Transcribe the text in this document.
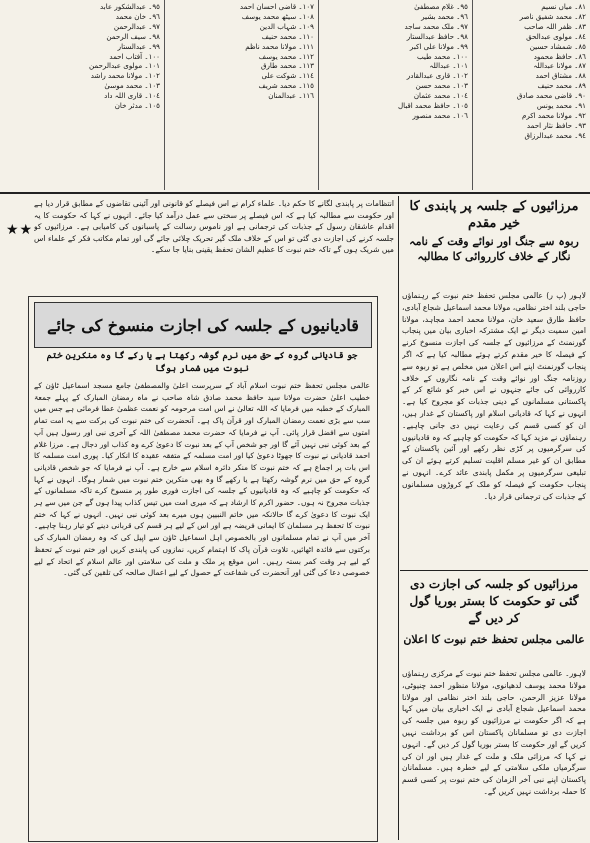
٨١۔ میاں نسیم
٨٢۔ محمد شفیق ناصر
٨٣۔ ظفر اللہ صاحب
٨٤۔ مولوی عبدالحق
٨٥۔ شمشاد حسین
٨٦۔ حافظ محمود
٨٧۔ مولانا عبداللہ
٨٨۔ مشتاق احمد
٨٩۔ محمد حنیف
٩٠۔ قاضی محمد صادق
٩١۔ محمد یونس
٩٢۔ مولانا محمد اکرم
٩٣۔ حافظ نثار احمد
٩٤۔ محمد عبدالرزاق
٩٥۔ غلام مصطفیٰ
٩٦۔ محمد بشیر
٩٧۔ ملک محمد ساجد
٩٨۔ حافظ عبدالستار
٩٩۔ مولانا علی اکبر
١٠٠۔ محمد طیب
١٠١۔ عبداللہ
١٠٢۔ قاری عبدالقادر
١٠٣۔ محمد حسن
١٠٤۔ محمد عثمان
١٠٥۔ حافظ محمد اقبال
١٠٦۔ محمد منصور
١٠٧۔ قاضی احسان احمد
١٠٨۔ سیٹھ محمد یوسف
١٠٩۔ شہاب الدین
١١٠۔ محمد حنیف
١١١۔ مولانا محمد ناظم
١١٢۔ محمد یوسف
١١٣۔ محمد طارق
١١٤۔ شوکت علی
١١٥۔ محمد شریف
١١٦۔ عبدالمنان
٩٥۔ عبدالشکور عابد
٩٦۔ خان محمد
٩٧۔ عبدالرحمن
٩٨۔ سیف الرحمن
٩٩۔ عبدالستار
١٠٠۔ آفتاب احمد
١٠١۔ مولوی عبدالرحمن
١٠٢۔ مولانا محمد راشد
١٠٣۔ محمد موسیٰ
١٠٤۔ قاری اللہ داد
١٠٥۔ مدثر خان
مرزائیوں کے جلسہ پر پابندی کا خیر مقدم
ربوہ سے جنگ اور نوائے وقت کے نامہ نگار کے خلاف کارروائی کا مطالبہ
لاہور (پ ر) عالمی مجلس تحفظ ختم نبوت کے رہنماؤں حاجی بلند اختر نظامی، مولانا محمد اسماعیل شجاع آبادی، حافظ طارق سعید خان، مولانا محمد احمد مجاہد، مولانا امین سمیت دیگر نے ایک مشترکہ اخباری بیان میں پنجاب گورنمنٹ کے مرزائیوں کے جلسہ کی اجازت منسوخ کرنے کے فیصلہ کا خیر مقدم کرتے ہوئے مطالبہ کیا ہے کہ اگر پنجاب گورنمنٹ اپنے اس اعلان میں مخلص ہے تو ربوہ سے روزنامہ جنگ اور نوائے وقت کے نامہ نگاروں کے خلاف کارروائی کی جائے جنہوں نے اس خبر کو شائع کر کے پاکستانی مسلمانوں کے دینی جذبات کو مجروح کیا ہے۔ انہوں نے کہا کہ قادیانی اسلام اور پاکستان کے غدار ہیں، ان کو کسی قسم کی رعایت نہیں دی جانی چاہیے۔ رہنماؤں نے مزید کہا کہ حکومت کو چاہیے کہ وہ قادیانیوں کی سرگرمیوں پر کڑی نظر رکھے اور آئین پاکستان کے مطابق ان کو غیر مسلم اقلیت تسلیم کرتے ہوئے ان کی تبلیغی سرگرمیوں پر مکمل پابندی عائد کرے۔ انہوں نے پنجاب حکومت کے فیصلہ کو ملک کے کروڑوں مسلمانوں کے جذبات کی ترجمانی قرار دیا۔
مرزائیوں کو جلسہ کی اجازت دی گئی تو حکومت کا بستر بوریا گول کر دیں گے
عالمی مجلس تحفظ ختم نبوت کا اعلان
لاہور۔ عالمی مجلس تحفظ ختم نبوت کے مرکزی رہنماؤں مولانا محمد یوسف لدھیانوی، مولانا منظور احمد چنیوٹی، مولانا عزیز الرحمن، حاجی بلند اختر نظامی اور مولانا محمد اسماعیل شجاع آبادی نے ایک اخباری بیان میں کہا ہے کہ اگر حکومت نے مرزائیوں کو ربوہ میں جلسہ کی اجازت دی تو مسلمانان پاکستان اس کو برداشت نہیں کریں گے اور حکومت کا بستر بوریا گول کر دیں گے۔ انہوں نے کہا کہ مرزائی ملک و ملت کے غدار ہیں اور ان کی سرگرمیاں ملکی سلامتی کے لیے خطرہ ہیں۔ مسلمانان پاکستان اپنے نبی آخر الزمان کی ختم نبوت پر کسی قسم کا حملہ برداشت نہیں کریں گے۔
انتظامات پر پابندی لگانے کا حکم دیا۔ علماء کرام نے اس فیصلے کو قانونی اور آئینی تقاضوں کے مطابق قرار دیا ہے اور حکومت سے مطالبہ کیا ہے کہ اس فیصلے پر سختی سے عمل درآمد کیا جائے۔ انہوں نے کہا کہ حکومت کا یہ اقدام عاشقان رسول کے جذبات کی ترجمانی ہے اور ناموس رسالت کے پاسبانوں کی کامیابی ہے۔ مرزائیوں کو جلسہ کرنے کی اجازت دی گئی تو اس کے خلاف ملک گیر تحریک چلائی جائے گی اور تمام مکاتب فکر کے علماء اس میں شریک ہوں گے تاکہ ختم نبوت کا عظیم الشان تحفظ یقینی بنایا جا سکے۔
★★
قادیانیوں کے جلسہ کی اجازت منسوخ کی جائے
جو قادیانی گروہ کے حق میں نرم گوشہ رکھتا ہے یا رکے گا وہ منکرین ختم نبوت میں شمار ہوگا
عالمی مجلس تحفظ ختم نبوت اسلام آباد کے سرپرست اعلیٰ والمصطفیٰ جامع مسجد اسماعیل ٹاؤن کے خطیب اعلیٰ حضرت مولانا سید حافظ محمد صادق شاہ صاحب نے ماہ رمضان المبارک کے پہلے جمعۃ المبارک کے خطبہ میں فرمایا کہ اللہ تعالیٰ نے اس امت مرحومہ کو نعمت عظمیٰ عطا فرمائی ہے جس میں سب سے بڑی نعمت رمضان المبارک اور قرآن پاک ہے۔ آنحضرت کی ختم نبوت کی برکت سے یہ امت تمام امتوں سے افضل قرار پائی۔ آپ نے فرمایا کہ حضرت محمد مصطفیٰ اللہ کے آخری نبی اور رسول ہیں آپ کے بعد کوئی نبی نہیں آئے گا اور جو شخص آپ کے بعد نبوت کا دعویٰ کرے وہ کذاب اور دجال ہے۔ مرزا غلام احمد قادیانی نے نبوت کا جھوٹا دعویٰ کیا اور امت مسلمہ کے متفقہ عقیدہ کا انکار کیا۔ پوری امت مسلمہ کا اس بات پر اجماع ہے کہ ختم نبوت کا منکر دائرہ اسلام سے خارج ہے۔ آپ نے فرمایا کہ جو شخص قادیانی گروہ کے حق میں نرم گوشہ رکھتا ہے یا رکھے گا وہ بھی منکرین ختم نبوت میں شمار ہوگا۔ انہوں نے کہا کہ حکومت کو چاہیے کہ وہ قادیانیوں کے جلسہ کی اجازت فوری طور پر منسوخ کرے تاکہ مسلمانوں کے جذبات مجروح نہ ہوں۔ حضور اکرم کا ارشاد ہے کہ میری امت میں تیس کذاب پیدا ہوں گے جن میں سے ہر ایک نبوت کا دعویٰ کرے گا حالانکہ میں خاتم النبیین ہوں میرے بعد کوئی نبی نہیں۔ انہوں نے کہا کہ ختم نبوت کا تحفظ ہر مسلمان کا ایمانی فریضہ ہے اور اس کے لیے ہر قسم کی قربانی دینے کو تیار رہنا چاہیے۔ آخر میں آپ نے تمام مسلمانوں اور بالخصوص اہل اسماعیل ٹاؤن سے اپیل کی کہ وہ رمضان المبارک کی برکتوں سے فائدہ اٹھائیں، تلاوت قرآن پاک کا اہتمام کریں، نمازوں کی پابندی کریں اور ختم نبوت کے تحفظ کے لیے ہر وقت کمر بستہ رہیں۔ اس موقع پر ملک و ملت کی سلامتی اور عالم اسلام کے اتحاد کے لیے خصوصی دعا کی گئی اور آنحضرت کی شفاعت کے حصول کے لیے اعمال صالحہ کی تلقین کی گئی۔
